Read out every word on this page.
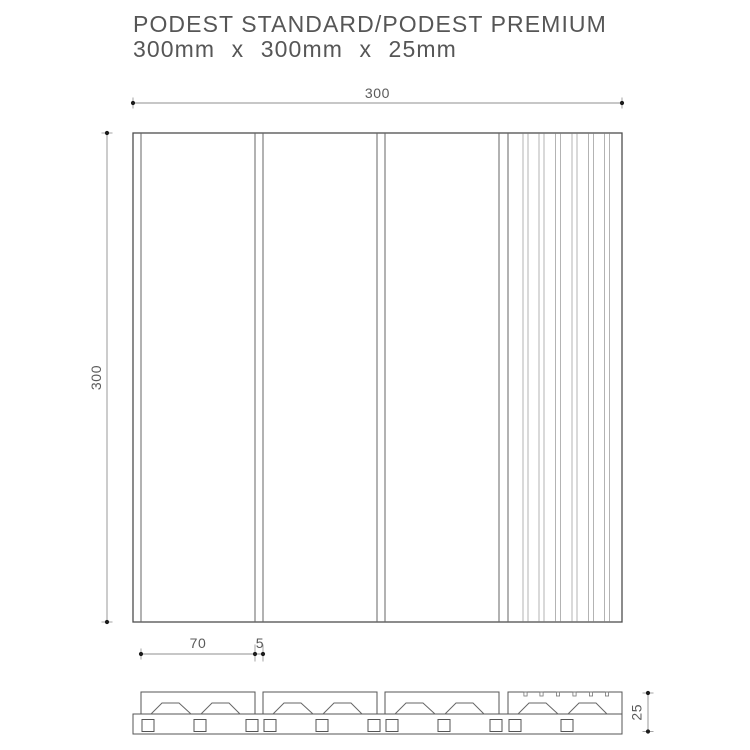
PODEST STANDARD/PODEST PREMIUM
300mm x 300mm x 25mm
300
300
70	5
25
